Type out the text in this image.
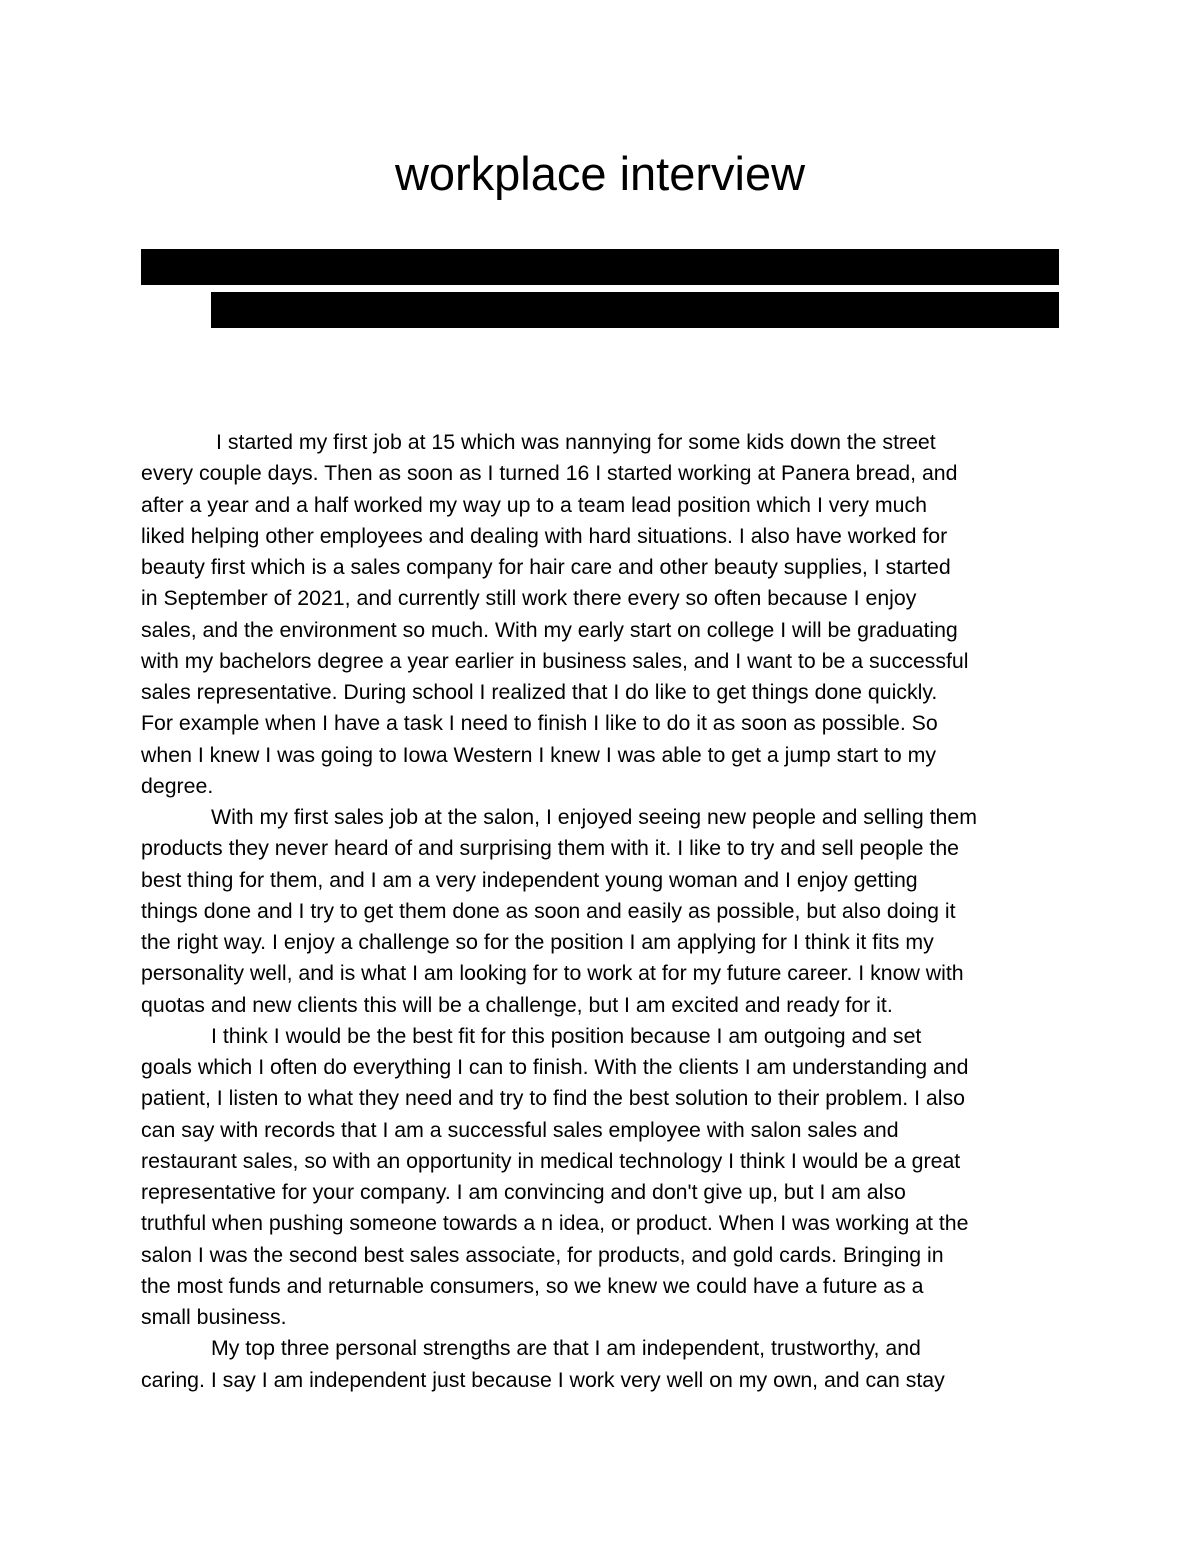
workplace interview
I started my first job at 15 which was nannying for some kids down the street
every couple days. Then as soon as I turned 16 I started working at Panera bread, and
after a year and a half worked my way up to a team lead position which I very much
liked helping other employees and dealing with hard situations. I also have worked for
beauty first which is a sales company for hair care and other beauty supplies, I started
in September of 2021, and currently still work there every so often because I enjoy
sales, and the environment so much. With my early start on college I will be graduating
with my bachelors degree a year earlier in business sales, and I want to be a successful
sales representative. During school I realized that I do like to get things done quickly.
For example when I have a task I need to finish I like to do it as soon as possible. So
when I knew I was going to Iowa Western I knew I was able to get a jump start to my
degree.
With my first sales job at the salon, I enjoyed seeing new people and selling them
products they never heard of and surprising them with it. I like to try and sell people the
best thing for them, and I am a very independent young woman and I enjoy getting
things done and I try to get them done as soon and easily as possible, but also doing it
the right way. I enjoy a challenge so for the position I am applying for I think it fits my
personality well, and is what I am looking for to work at for my future career. I know with
quotas and new clients this will be a challenge, but I am excited and ready for it.
I think I would be the best fit for this position because I am outgoing and set
goals which I often do everything I can to finish. With the clients I am understanding and
patient, I listen to what they need and try to find the best solution to their problem. I also
can say with records that I am a successful sales employee with salon sales and
restaurant sales, so with an opportunity in medical technology I think I would be a great
representative for your company. I am convincing and don't give up, but I am also
truthful when pushing someone towards a n idea, or product. When I was working at the
salon I was the second best sales associate, for products, and gold cards. Bringing in
the most funds and returnable consumers, so we knew we could have a future as a
small business.
My top three personal strengths are that I am independent, trustworthy, and
caring. I say I am independent just because I work very well on my own, and can stay
